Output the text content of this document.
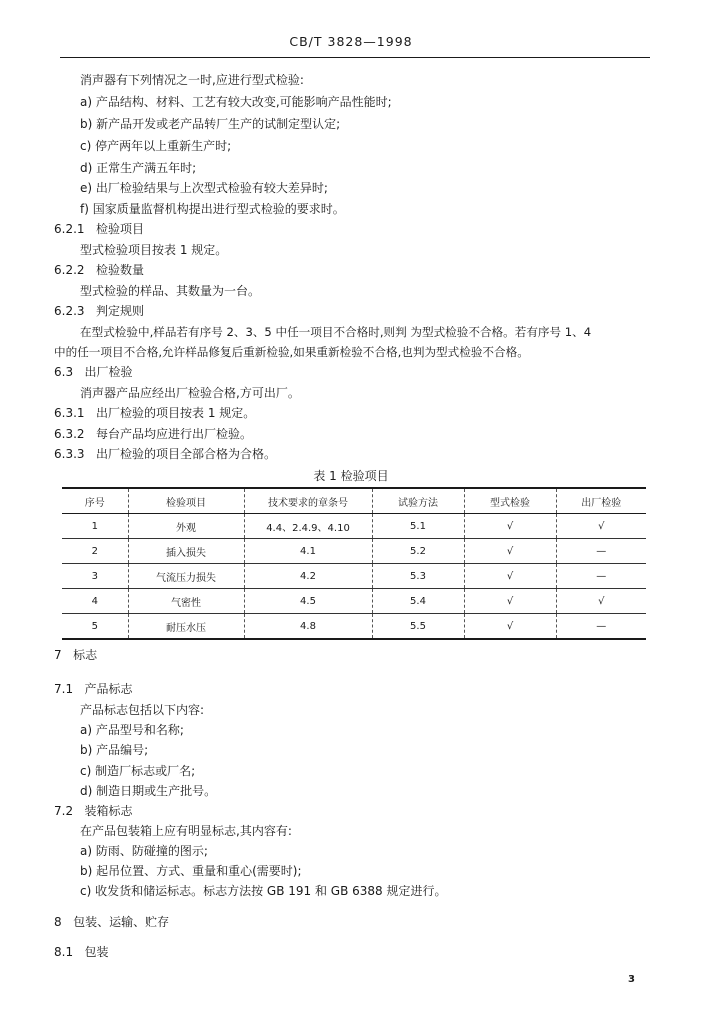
CB/T 3828—1998
消声器有下列情况之一时,应进行型式检验:
a) 产品结构、材料、工艺有较大改变,可能影响产品性能时;
b) 新产品开发或老产品转厂生产的试制定型认定;
c) 停产两年以上重新生产时;
d) 正常生产满五年时;
e) 出厂检验结果与上次型式检验有较大差异时;
f) 国家质量监督机构提出进行型式检验的要求时。
6.2.1 检验项目
型式检验项目按表 1 规定。
6.2.2 检验数量
型式检验的样品、其数量为一台。
6.2.3 判定规则
在型式检验中,样品若有序号 2、3、5 中任一项目不合格时,则判 为型式检验不合格。若有序号 1、4
中的任一项目不合格,允许样品修复后重新检验,如果重新检验不合格,也判为型式检验不合格。
6.3 出厂检验
消声器产品应经出厂检验合格,方可出厂。
6.3.1 出厂检验的项目按表 1 规定。
6.3.2 每台产品均应进行出厂检验。
6.3.3 出厂检验的项目全部合格为合格。
表 1 检验项目
序号	检验项目	技术要求的章条号	试验方法	型式检验	出厂检验
1	外观	4.4、2.4.9、4.10	5.1	√	√
2	插入损失	4.1	5.2	√	—
3	气流压力损失	4.2	5.3	√	—
4	气密性	4.5	5.4	√	√
5	耐压水压	4.8	5.5	√	—
7 标志
7.1 产品标志
产品标志包括以下内容:
a) 产品型号和名称;
b) 产品编号;
c) 制造厂标志或厂名;
d) 制造日期或生产批号。
7.2 装箱标志
在产品包装箱上应有明显标志,其内容有:
a) 防雨、防碰撞的图示;
b) 起吊位置、方式、重量和重心(需要时);
c) 收发货和储运标志。标志方法按 GB 191 和 GB 6388 规定进行。
8 包装、运输、贮存
8.1 包装
3
